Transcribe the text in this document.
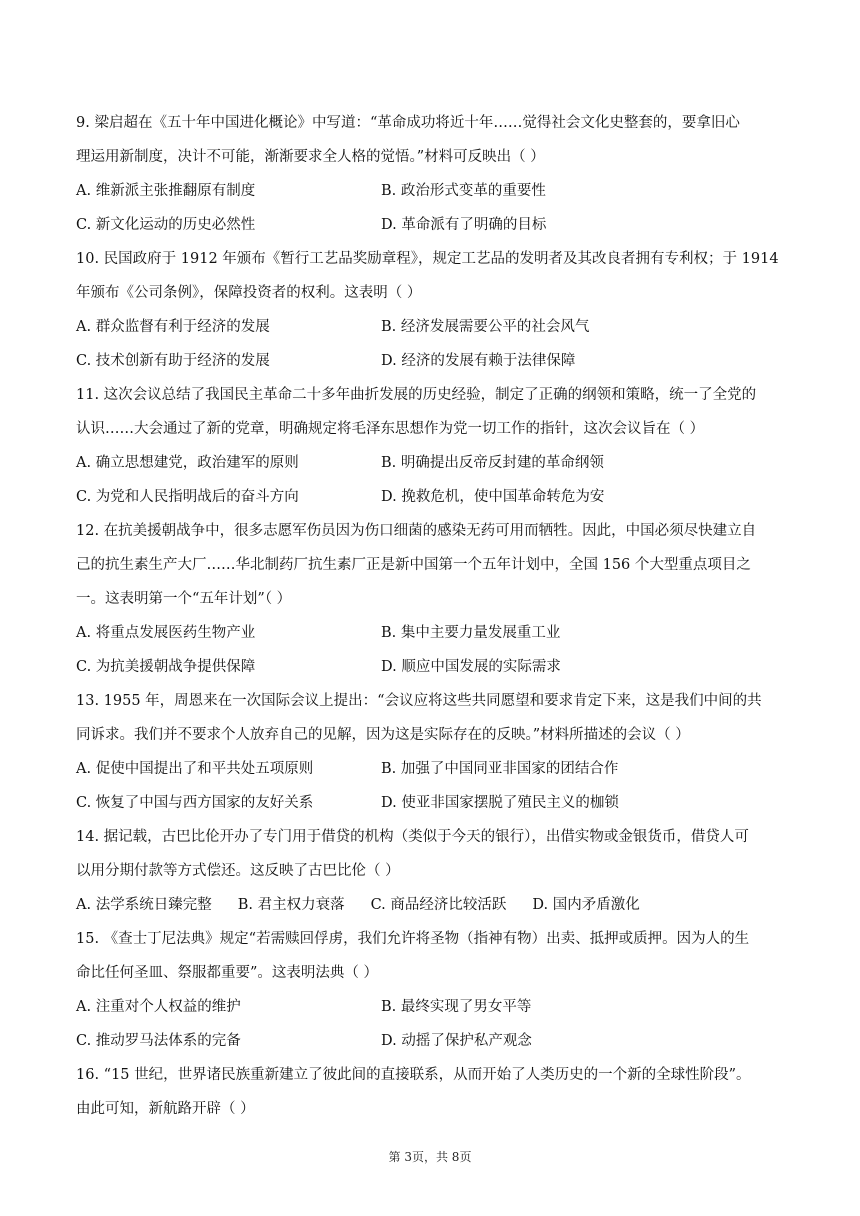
9. 梁启超在《五十年中国进化概论》中写道：“革命成功将近十年……觉得社会文化史整套的，要拿旧心
理运用新制度，决计不可能，渐渐要求全人格的觉悟。”材料可反映出（ ）
A. 维新派主张推翻原有制度	B. 政治形式变革的重要性
C. 新文化运动的历史必然性	D. 革命派有了明确的目标
10. 民国政府于 1912 年颁布《暂行工艺品奖励章程》，规定工艺品的发明者及其改良者拥有专利权；于 1914
年颁布《公司条例》，保障投资者的权利。这表明（ ）
A. 群众监督有利于经济的发展	B. 经济发展需要公平的社会风气
C. 技术创新有助于经济的发展	D. 经济的发展有赖于法律保障
11. 这次会议总结了我国民主革命二十多年曲折发展的历史经验，制定了正确的纲领和策略，统一了全党的
认识……大会通过了新的党章，明确规定将毛泽东思想作为党一切工作的指针，这次会议旨在（ ）
A. 确立思想建党，政治建军的原则	B. 明确提出反帝反封建的革命纲领
C. 为党和人民指明战后的奋斗方向	D. 挽救危机，使中国革命转危为安
12. 在抗美援朝战争中，很多志愿军伤员因为伤口细菌的感染无药可用而牺牲。因此，中国必须尽快建立自
己的抗生素生产大厂……华北制药厂抗生素厂正是新中国第一个五年计划中，全国 156 个大型重点项目之
一。这表明第一个“五年计划”（ ）
A. 将重点发展医药生物产业	B. 集中主要力量发展重工业
C. 为抗美援朝战争提供保障	D. 顺应中国发展的实际需求
13. 1955 年，周恩来在一次国际会议上提出：“会议应将这些共同愿望和要求肯定下来，这是我们中间的共
同诉求。我们并不要求个人放弃自己的见解，因为这是实际存在的反映。”材料所描述的会议（ ）
A. 促使中国提出了和平共处五项原则	B. 加强了中国同亚非国家的团结合作
C. 恢复了中国与西方国家的友好关系	D. 使亚非国家摆脱了殖民主义的枷锁
14. 据记载，古巴比伦开办了专门用于借贷的机构（类似于今天的银行），出借实物或金银货币，借贷人可
以用分期付款等方式偿还。这反映了古巴比伦（ ）
A. 法学系统日臻完整 B. 君主权力衰落 C. 商品经济比较活跃 D. 国内矛盾激化
15. 《查士丁尼法典》规定“若需赎回俘虏，我们允许将圣物（指神有物）出卖、抵押或质押。因为人的生
命比任何圣皿、祭服都重要”。这表明法典（ ）
A. 注重对个人权益的维护	B. 最终实现了男女平等
C. 推动罗马法体系的完备	D. 动摇了保护私产观念
16. “15 世纪，世界诸民族重新建立了彼此间的直接联系，从而开始了人类历史的一个新的全球性阶段”。
由此可知，新航路开辟（ ）
第 3页，共 8页
